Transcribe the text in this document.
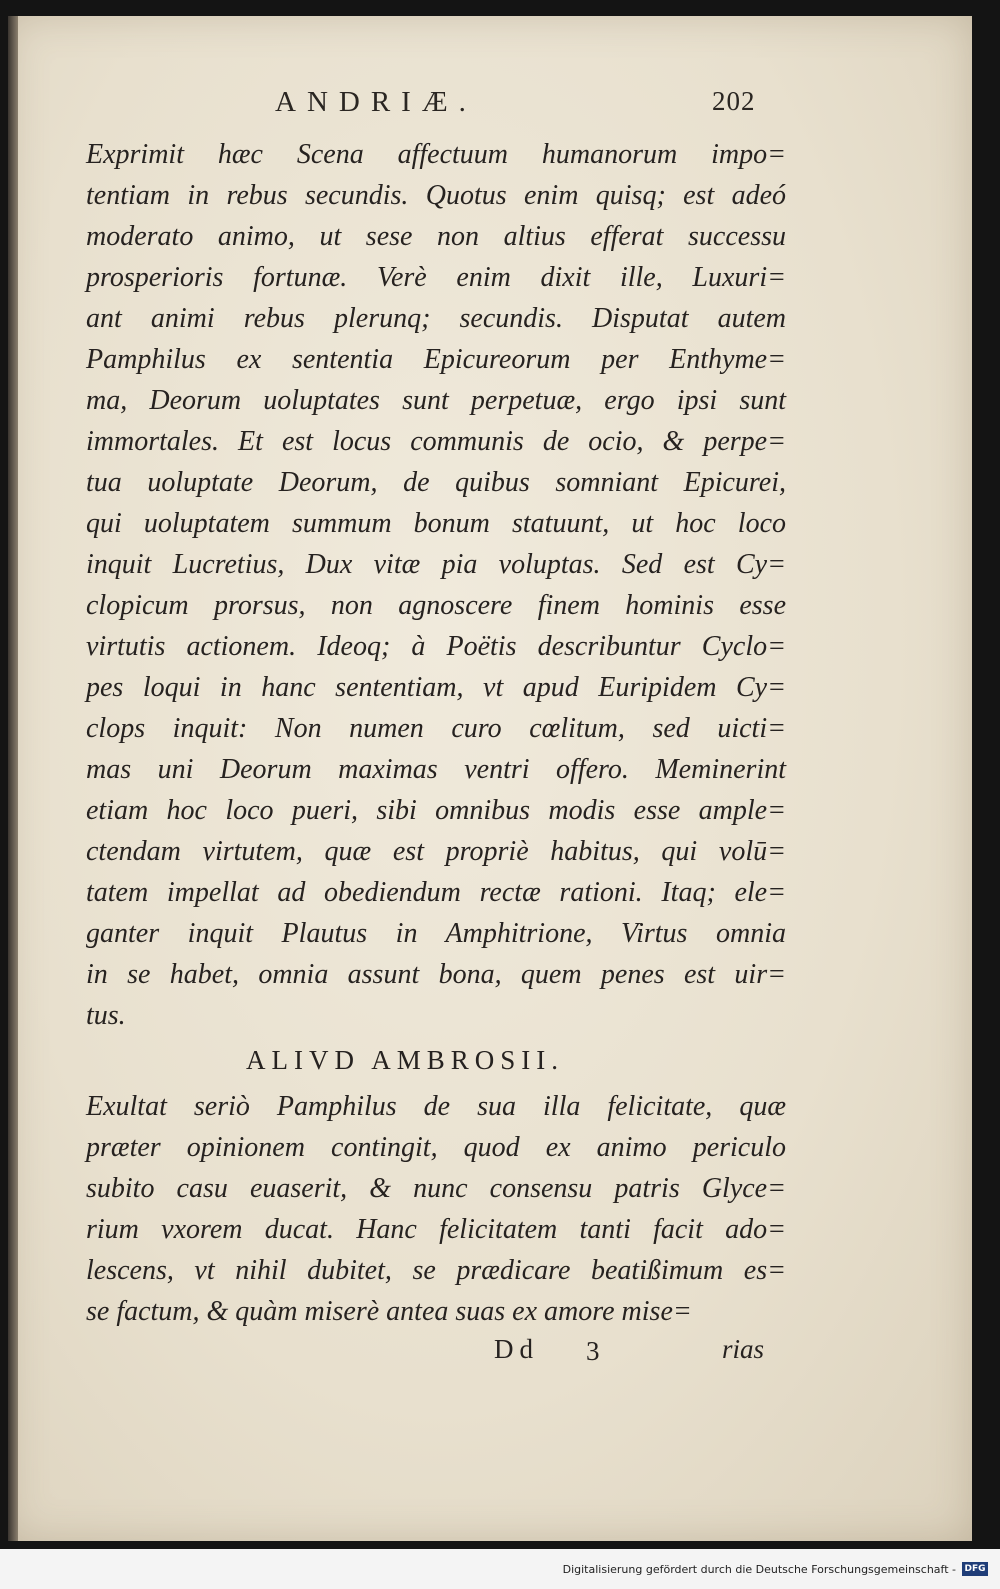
ANDRIÆ.	202
Exprimit hæc Scena affectuum humanorum impo=
tentiam in rebus secundis. Quotus enim quisq; est adeó
moderato animo, ut sese non altius efferat successu
prosperioris fortunæ. Verè enim dixit ille, Luxuri=
ant animi rebus plerunq; secundis. Disputat autem
Pamphilus ex sententia Epicureorum per Enthyme=
ma, Deorum uoluptates sunt perpetuæ, ergo ipsi sunt
immortales. Et est locus communis de ocio, & perpe=
tua uoluptate Deorum, de quibus somniant Epicurei,
qui uoluptatem summum bonum statuunt, ut hoc loco
inquit Lucretius, Dux vitæ pia voluptas. Sed est Cy=
clopicum prorsus, non agnoscere finem hominis esse
virtutis actionem. Ideoq; à Poëtis describuntur Cyclo=
pes loqui in hanc sententiam, vt apud Euripidem Cy=
clops inquit: Non numen curo cœlitum, sed uicti=
mas uni Deorum maximas ventri offero. Meminerint
etiam hoc loco pueri, sibi omnibus modis esse ample=
ctendam virtutem, quæ est propriè habitus, qui volū=
tatem impellat ad obediendum rectæ rationi. Itaq; ele=
ganter inquit Plautus in Amphitrione, Virtus omnia
in se habet, omnia assunt bona, quem penes est uir=
tus.
ALIVD AMBROSII.
Exultat seriò Pamphilus de sua illa felicitate, quæ
præter opinionem contingit, quod ex animo periculo
subito casu euaserit, & nunc consensu patris Glyce=
rium vxorem ducat. Hanc felicitatem tanti facit ado=
lescens, vt nihil dubitet, se prædicare beatißimum es=
se factum, & quàm miserè antea suas ex amore mise=
Dd 3	rias
Digitalisierung gefördert durch die Deutsche Forschungsgemeinschaft - DFG
